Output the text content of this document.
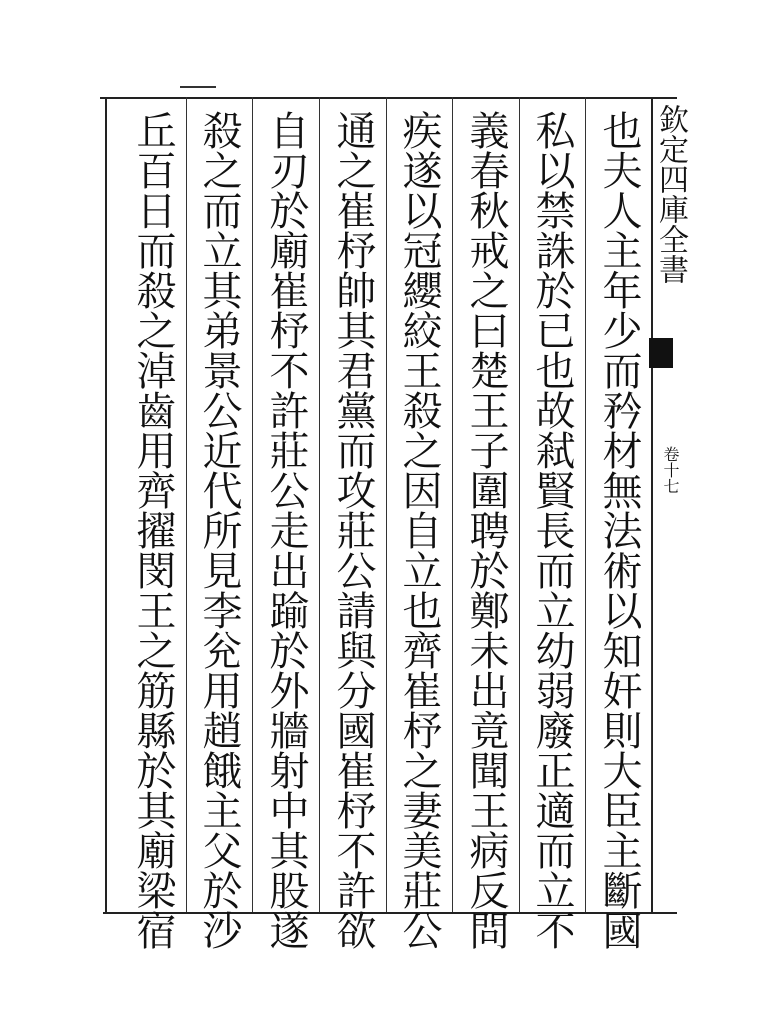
也夫人主年少而矜材無法術以知奸則大臣主斷國
私以禁誅於已也故弒賢長而立幼弱廢正適而立不
義春秋戒之曰楚王子圍聘於鄭未出竟聞王病反問
疾遂以冠纓絞王殺之因自立也齊崔杼之妻美莊公
通之崔杼帥其君黨而攻莊公請與分國崔杼不許欲
自刃於廟崔杼不許莊公走出踰於外牆射中其股遂
殺之而立其弟景公近代所見李兊用趙餓主父於沙
丘百日而殺之淖齒用齊擢閔王之筋縣於其廟梁宿	欽定四庫全書
卷十七
